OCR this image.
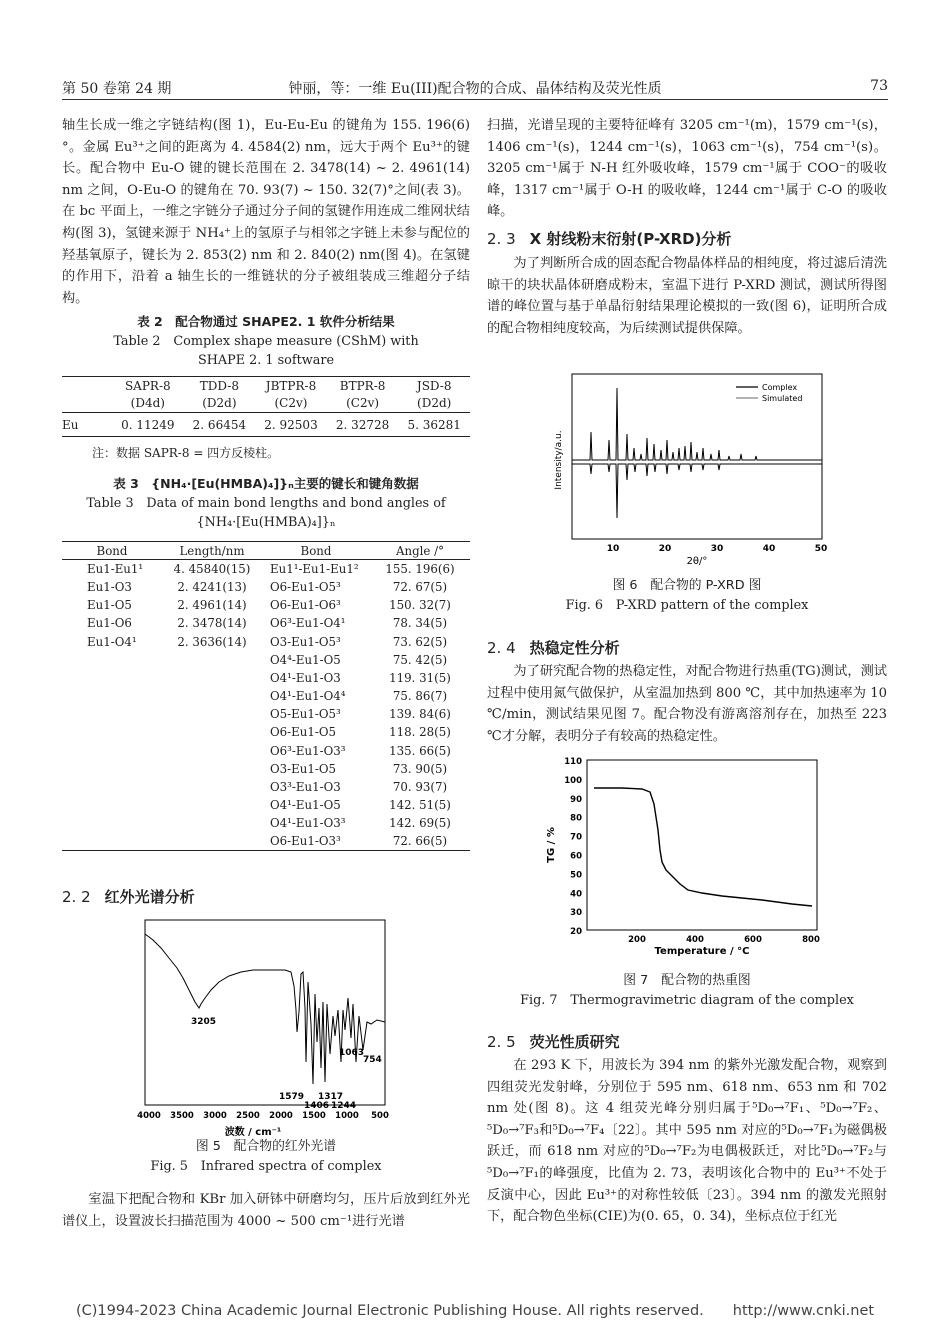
第 50 卷第 24 期	钟丽，等：一维 Eu(III)配合物的合成、晶体结构及荧光性质	73
轴生长成一维之字链结构(图 1)，Eu-Eu-Eu 的键角为 155. 196(6)°。金属 Eu³⁺之间的距离为 4. 4584(2) nm，远大于两个 Eu³⁺的键长。配合物中 Eu-O 键的键长范围在 2. 3478(14) ~ 2. 4961(14) nm 之间，O-Eu-O 的键角在 70. 93(7) ~ 150. 32(7)°之间(表 3)。在 bc 平面上，一维之字链分子通过分子间的氢键作用连成二维网状结构(图 3)，氢键来源于 NH₄⁺上的氢原子与相邻之字链上未参与配位的羟基氧原子，键长为 2. 853(2) nm 和 2. 840(2) nm(图 4)。在氢键的作用下，沿着 a 轴生长的一维链状的分子被组装成三维超分子结构。
表 2　配合物通过 SHAPE2. 1 软件分析结果
Table 2　Complex shape measure (CShM) with
SHAPE 2. 1 software
	SAPR-8	TDD-8	JBTPR-8	BTPR-8	JSD-8
	(D4d)	(D2d)	(C2v)	(C2v)	(D2d)
Eu	0. 11249	2. 66454	2. 92503	2. 32728	5. 36281
注：数据 SAPR-8 = 四方反棱柱。
表 3　{NH₄·[Eu(HMBA)₄]}ₙ主要的键长和键角数据
Table 3　Data of main bond lengths and bond angles of
{NH₄·[Eu(HMBA)₄]}ₙ
Bond	Length/nm	Bond	Angle /°
Eu1-Eu1¹	4. 45840(15)	Eu1¹-Eu1-Eu1²	155. 196(6)
Eu1-O3	2. 4241(13)	O6-Eu1-O5³	72. 67(5)
Eu1-O5	2. 4961(14)	O6-Eu1-O6³	150. 32(7)
Eu1-O6	2. 3478(14)	O6³-Eu1-O4¹	78. 34(5)
Eu1-O4¹	2. 3636(14)	O3-Eu1-O5³	73. 62(5)
		O4⁴-Eu1-O5	75. 42(5)
		O4¹-Eu1-O3	119. 31(5)
		O4¹-Eu1-O4⁴	75. 86(7)
		O5-Eu1-O5³	139. 84(6)
		O6-Eu1-O5	118. 28(5)
		O6³-Eu1-O3³	135. 66(5)
		O3-Eu1-O5	73. 90(5)
		O3³-Eu1-O3	70. 93(7)
		O4¹-Eu1-O5	142. 51(5)
		O4¹-Eu1-O3³	142. 69(5)
		O6-Eu1-O3³	72. 66(5)
2. 2 红外光谱分析
3205
1579
1406 1244
1317
1063
754
4000 3500 3000 2500 2000 1500 1000 500
波数 / cm⁻¹
图 5　配合物的红外光谱
Fig. 5　Infrared spectra of complex

室温下把配合物和 KBr 加入研钵中研磨均匀，压片后放到红外光谱仪上，设置波长扫描范围为 4000 ~ 500 cm⁻¹进行光谱

扫描，光谱呈现的主要特征峰有 3205 cm⁻¹(m)，1579 cm⁻¹(s)，1406 cm⁻¹(s)，1244 cm⁻¹(s)，1063 cm⁻¹(s)，754 cm⁻¹(s)。3205 cm⁻¹属于 N-H 红外吸收峰，1579 cm⁻¹属于 COO⁻的吸收峰，1317 cm⁻¹属于 O-H 的吸收峰，1244 cm⁻¹属于 C-O 的吸收峰。
2. 3 X 射线粉末衍射(P-XRD)分析

为了判断所合成的固态配合物晶体样品的相纯度，将过滤后清洗晾干的块状晶体研磨成粉末，室温下进行 P-XRD 测试，测试所得图谱的峰位置与基于单晶衍射结果理论模拟的一致(图 6)，证明所合成的配合物相纯度较高，为后续测试提供保障。

Intensity/a.u.
Complex
Simulated
10	20	30	40	50
2θ/°
图 6　配合物的 P-XRD 图
Fig. 6　P-XRD pattern of the complex
2. 4 热稳定性分析

为了研究配合物的热稳定性，对配合物进行热重(TG)测试，测试过程中使用氮气做保护，从室温加热到 800 ℃，其中加热速率为 10 ℃/min，测试结果见图 7。配合物没有游离溶剂存在，加热至 223 ℃才分解，表明分子有较高的热稳定性。

TG / %
110
100
90
80
70
60
50
40
30
20
200	400	600	800
Temperature / °C
图 7　配合物的热重图
Fig. 7　Thermogravimetric diagram of the complex
2. 5 荧光性质研究

在 293 K 下，用波长为 394 nm 的紫外光激发配合物，观察到四组荧光发射峰，分别位于 595 nm、618 nm、653 nm 和 702 nm 处(图 8)。这 4 组荧光峰分别归属于⁵D₀→⁷F₁、⁵D₀→⁷F₂、⁵D₀→⁷F₃和⁵D₀→⁷F₄〔22〕。其中 595 nm 对应的⁵D₀→⁷F₁为磁偶极跃迁，而 618 nm 对应的⁵D₀→⁷F₂为电偶极跃迁，对比⁵D₀→⁷F₂与⁵D₀→⁷F₁的峰强度，比值为 2. 73，表明该化合物中的 Eu³⁺不处于反演中心，因此 Eu³⁺的对称性较低〔23〕。394 nm 的激发光照射下，配合物色坐标(CIE)为(0. 65，0. 34)，坐标点位于红光

(C)1994-2023 China Academic Journal Electronic Publishing House. All rights reserved.　　http://www.cnki.net
